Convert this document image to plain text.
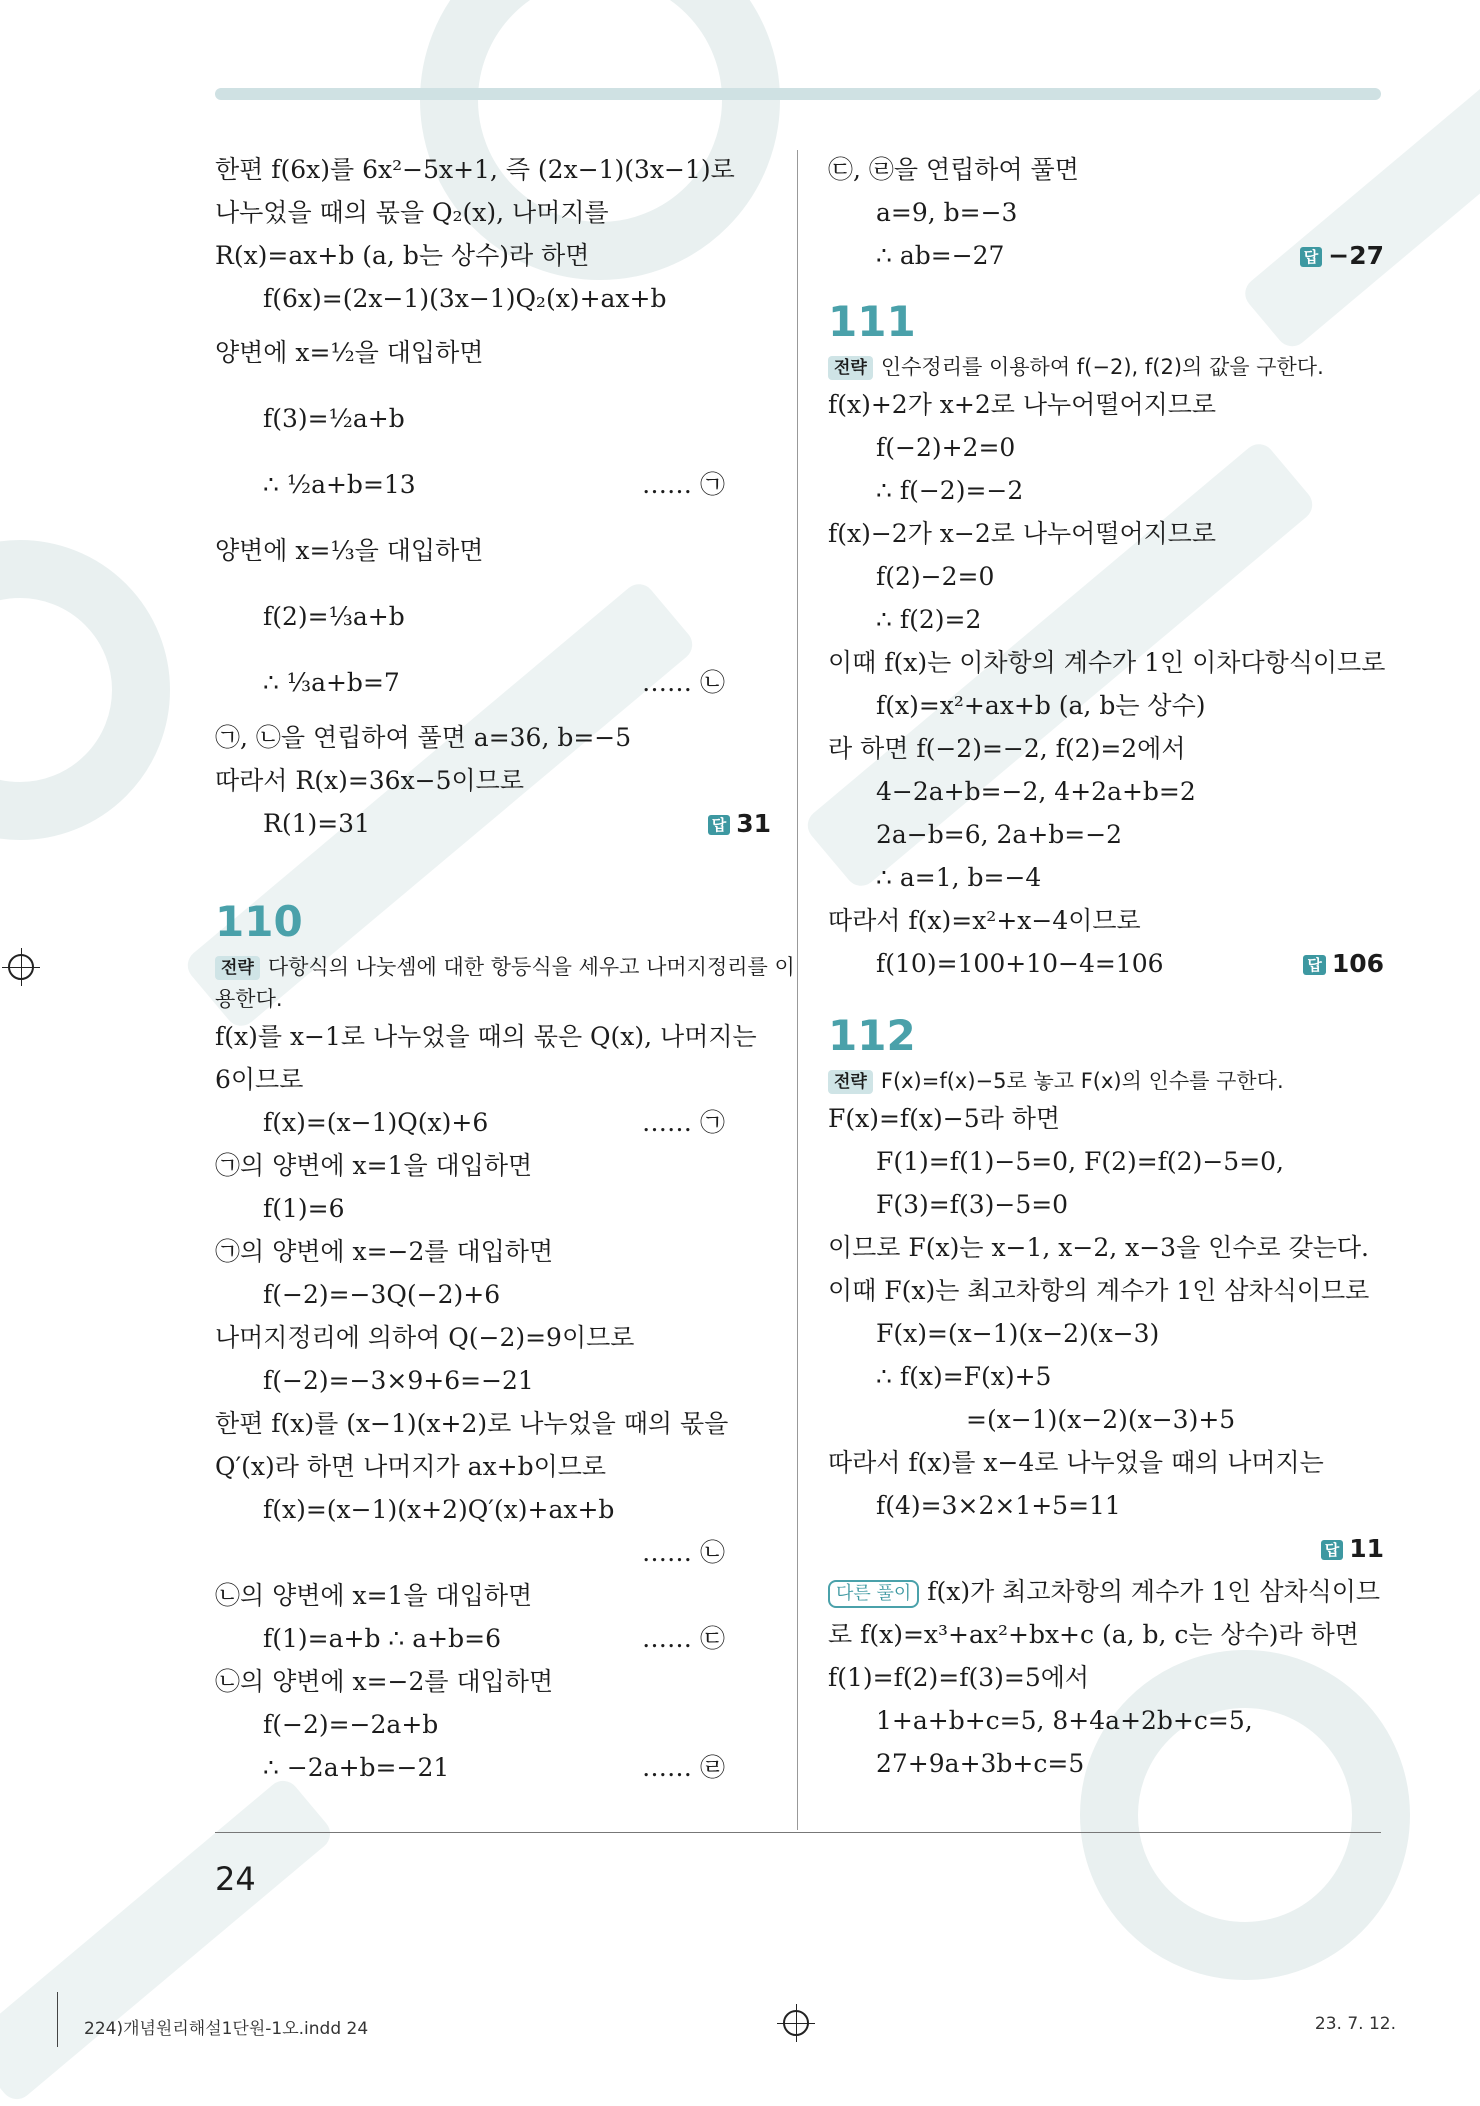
한편 f(6x)를 6x²−5x+1, 즉 (2x−1)(3x−1)로
나누었을 때의 몫을 Q₂(x), 나머지를
R(x)=ax+b (a, b는 상수)라 하면
f(6x)=(2x−1)(3x−1)Q₂(x)+ax+b
양변에 x=½을 대입하면
f(3)=½a+b
∴ ½a+b=13	…… ㉠
양변에 x=⅓을 대입하면
f(2)=⅓a+b
∴ ⅓a+b=7	…… ㉡
㉠, ㉡을 연립하여 풀면 a=36, b=−5
따라서 R(x)=36x−5이므로
R(1)=31	답 31
110
전략 다항식의 나눗셈에 대한 항등식을 세우고 나머지정리를 이
용한다.
f(x)를 x−1로 나누었을 때의 몫은 Q(x), 나머지는
6이므로
f(x)=(x−1)Q(x)+6	…… ㉠
㉠의 양변에 x=1을 대입하면
f(1)=6
㉠의 양변에 x=−2를 대입하면
f(−2)=−3Q(−2)+6
나머지정리에 의하여 Q(−2)=9이므로
f(−2)=−3×9+6=−21
한편 f(x)를 (x−1)(x+2)로 나누었을 때의 몫을
Q′(x)라 하면 나머지가 ax+b이므로
f(x)=(x−1)(x+2)Q′(x)+ax+b
…… ㉡
㉡의 양변에 x=1을 대입하면
f(1)=a+b ∴ a+b=6	…… ㉢
㉡의 양변에 x=−2를 대입하면
f(−2)=−2a+b
∴ −2a+b=−21	…… ㉣
㉢, ㉣을 연립하여 풀면
a=9, b=−3
∴ ab=−27	답 −27
111
전략 인수정리를 이용하여 f(−2), f(2)의 값을 구한다.
f(x)+2가 x+2로 나누어떨어지므로
f(−2)+2=0
∴ f(−2)=−2
f(x)−2가 x−2로 나누어떨어지므로
f(2)−2=0
∴ f(2)=2
이때 f(x)는 이차항의 계수가 1인 이차다항식이므로
f(x)=x²+ax+b (a, b는 상수)
라 하면 f(−2)=−2, f(2)=2에서
4−2a+b=−2, 4+2a+b=2
2a−b=6, 2a+b=−2
∴ a=1, b=−4
따라서 f(x)=x²+x−4이므로
f(10)=100+10−4=106	답 106
112
전략 F(x)=f(x)−5로 놓고 F(x)의 인수를 구한다.
F(x)=f(x)−5라 하면
F(1)=f(1)−5=0, F(2)=f(2)−5=0,
F(3)=f(3)−5=0
이므로 F(x)는 x−1, x−2, x−3을 인수로 갖는다.
이때 F(x)는 최고차항의 계수가 1인 삼차식이므로
F(x)=(x−1)(x−2)(x−3)
∴ f(x)=F(x)+5
=(x−1)(x−2)(x−3)+5
따라서 f(x)를 x−4로 나누었을 때의 나머지는
f(4)=3×2×1+5=11
답 11
다른 풀이 f(x)가 최고차항의 계수가 1인 삼차식이므
로 f(x)=x³+ax²+bx+c (a, b, c는 상수)라 하면
f(1)=f(2)=f(3)=5에서
1+a+b+c=5, 8+4a+2b+c=5,
27+9a+3b+c=5
24
224)개념원리해설1단원-1오.indd 24	23. 7. 12.
